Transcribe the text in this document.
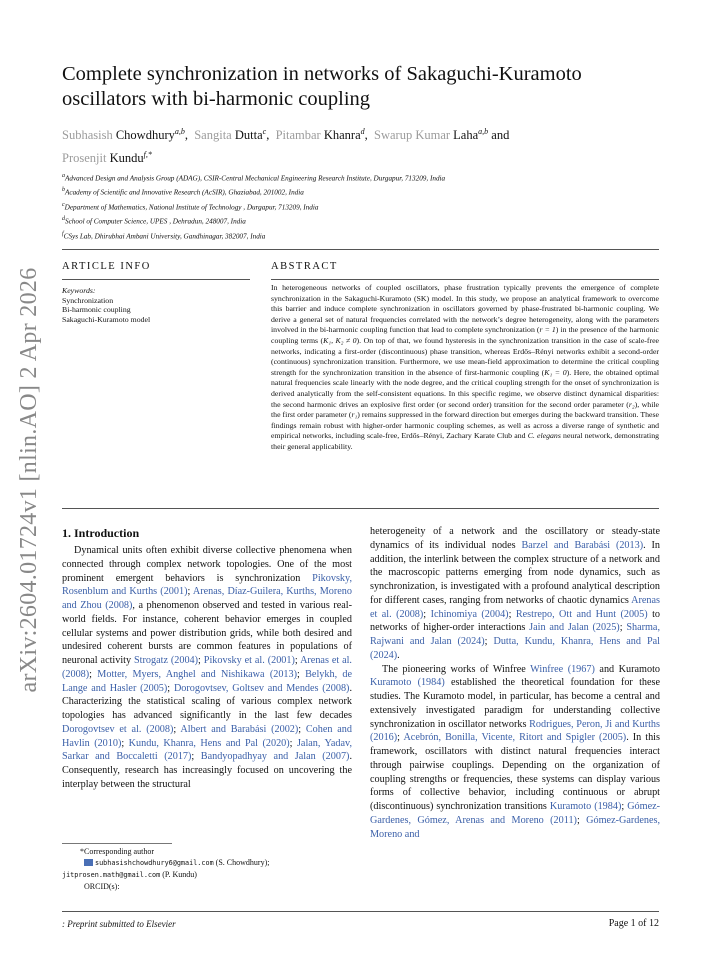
arXiv:2604.01724v1 [nlin.AO] 2 Apr 2026
Complete synchronization in networks of Sakaguchi-Kuramoto
oscillators with bi-harmonic coupling
Subhasish Chowdhury$^{a,b}$,  Sangita Dutta$^c$,  Pitambar Khanra$^d$,  Swarup Kumar Laha$^{a,b}$ and
Prosenjit Kundu$^{f,*}$
$^a$Advanced Design and Analysis Group (ADAG), CSIR-Central Mechanical Engineering Research Institute, Durgapur, 713209, India
$^b$Academy of Scientific and Innovative Research (AcSIR), Ghaziabad, 201002, India
$^c$Department of Mathematics, National Institute of Technology , Durgapur, 713209, India
$^d$School of Computer Science, UPES , Dehradun, 248007, India
$^f$CSys Lab, Dhirubhai Ambani University, Gandhinagar, 382007, India
ARTICLE INFO	ABSTRACT
Keywords:
Synchronization
Bi-harmonic coupling
Sakaguchi-Kuramoto model
In heterogeneous networks of coupled oscillators, phase frustration typically prevents the emergence of complete synchronization in the Sakaguchi-Kuramoto (SK) model. In this study, we propose an analytical framework to overcome this barrier and induce complete synchronization in oscillators governed by phase-frustrated bi-harmonic coupling. We derive a general set of natural frequencies correlated with the network’s degree heterogeneity, along with the parameters involved in the bi-harmonic coupling function that lead to complete synchronization (r = 1) in the presence of the harmonic coupling terms (K₁, K₂ ≠ 0). On top of that, we found hysteresis in the synchronization transition in the case of scale-free networks, indicating a first-order (discontinuous) phase transition, whereas Erdős–Rényi networks exhibit a second-order (continuous) synchronization transition. Furthermore, we use mean-field approximation to determine the critical coupling strength for the synchronization transition in the absence of first-harmonic coupling (K₁ = 0). Here, the obtained optimal natural frequencies scale linearly with the node degree, and the critical coupling strength for the onset of synchronization is derived analytically from the self-consistent equations. In this specific regime, we observe distinct dynamical disparities: the second harmonic drives an explosive first order (or second order) transition for the second order parameter (r₂), while the first order parameter (r₁) remains suppressed in the forward direction but emerges during the backward transition. These findings remain robust with higher-order harmonic coupling schemes, as well as across a diverse range of synthetic and empirical networks, including scale-free, Erdős–Rényi, Zachary Karate Club and C. elegans neural network, demonstrating their general applicability.
1. Introduction

Dynamical units often exhibit diverse collective phenomena when connected through complex network topologies. One of the most prominent emergent behaviors is synchronization Pikovsky, Rosenblum and Kurths (2001); Arenas, Díaz-Guilera, Kurths, Moreno and Zhou (2008), a phenomenon observed and tested in various real-world fields. For instance, coherent behavior emerges in coupled cellular systems and power distribution grids, while both desired and undesired coherent bursts are common features in populations of neuronal activity Strogatz (2004); Pikovsky et al. (2001); Arenas et al. (2008); Motter, Myers, Anghel and Nishikawa (2013); Belykh, de Lange and Hasler (2005); Dorogovtsev, Goltsev and Mendes (2008). Characterizing the statistical scaling of various complex network topologies has advanced significantly in the last few decades Dorogovtsev et al. (2008); Albert and Barabási (2002); Cohen and Havlin (2010); Kundu, Khanra, Hens and Pal (2020); Jalan, Yadav, Sarkar and Boccaletti (2017); Bandyopadhyay and Jalan (2007). Consequently, research has increasingly focused on uncovering the interplay between the structural

*Corresponding author
subhasishchowdhury6@gmail.com (S. Chowdhury);
jitprosen.math@gmail.com (P. Kundu)
ORCID(s):

heterogeneity of a network and the oscillatory or steady-state dynamics of its individual nodes Barzel and Barabási (2013). In addition, the interlink between the complex structure of a network and the macroscopic patterns emerging from node dynamics, such as synchronization, is investigated with a profound analytical description for different cases, ranging from networks of chaotic dynamics Arenas et al. (2008); Ichinomiya (2004); Restrepo, Ott and Hunt (2005) to networks of higher-order interactions Jain and Jalan (2025); Sharma, Rajwani and Jalan (2024); Dutta, Kundu, Khanra, Hens and Pal (2024).

The pioneering works of Winfree Winfree (1967) and Kuramoto Kuramoto (1984) established the theoretical foundation for these studies. The Kuramoto model, in particular, has become a central and extensively investigated paradigm for understanding collective synchronization in oscillator networks Rodrigues, Peron, Ji and Kurths (2016); Acebrón, Bonilla, Vicente, Ritort and Spigler (2005). In this framework, oscillators with distinct natural frequencies interact through pairwise couplings. Depending on the organization of coupling strengths or frequencies, these systems can display various forms of collective behavior, including continuous or abrupt (discontinuous) synchronization transitions Kuramoto (1984); Gómez-Gardenes, Gómez, Arenas and Moreno (2011); Gómez-Gardenes, Moreno and

: Preprint submitted to Elsevier	Page 1 of 12
